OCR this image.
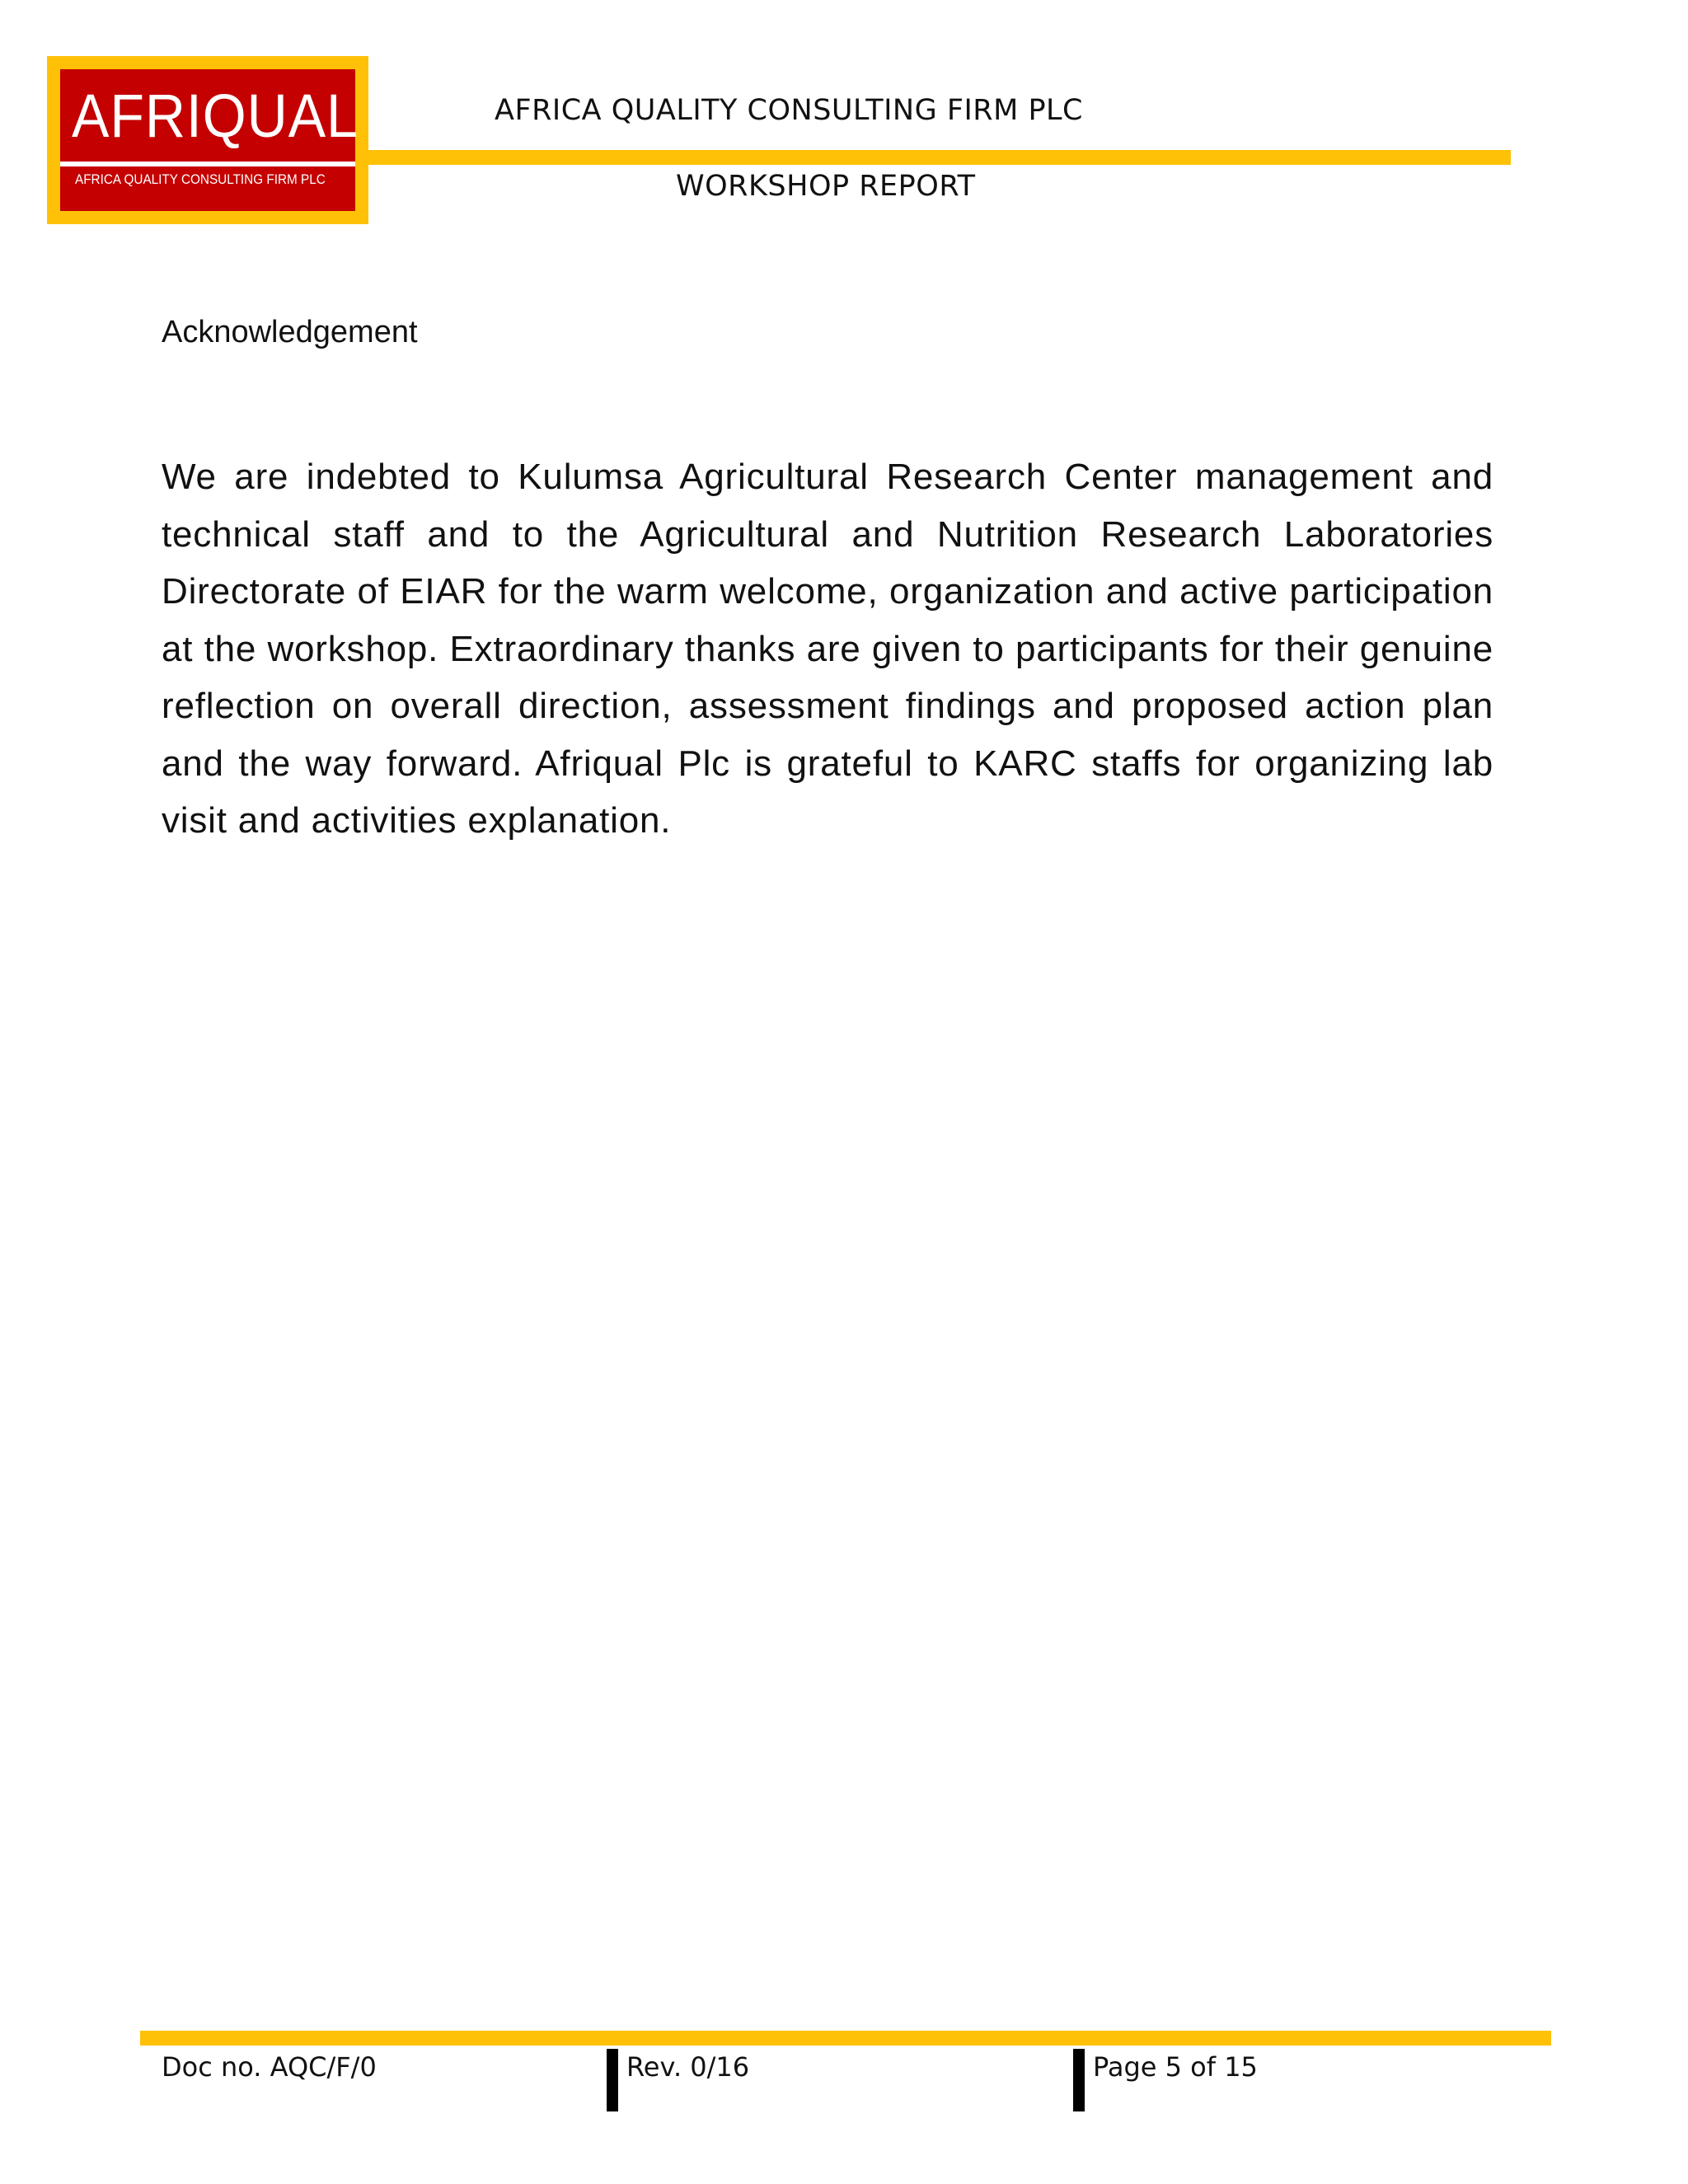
AFRIQUAL
AFRICA QUALITY CONSULTING FIRM PLC
AFRICA QUALITY CONSULTING FIRM PLC
WORKSHOP REPORT
Acknowledgement

We are indebted to Kulumsa Agricultural Research Center management and technical staff and to the Agricultural and Nutrition Research Laboratories Directorate of EIAR for the warm welcome, organization and active participation at the workshop. Extraordinary thanks are given to participants for their genuine reflection on overall direction, assessment findings and proposed action plan and the way forward. Afriqual Plc is grateful to KARC staffs for organizing lab visit and activities explanation.

Doc no. AQC/F/0	Rev. 0/16	Page 5 of 15
